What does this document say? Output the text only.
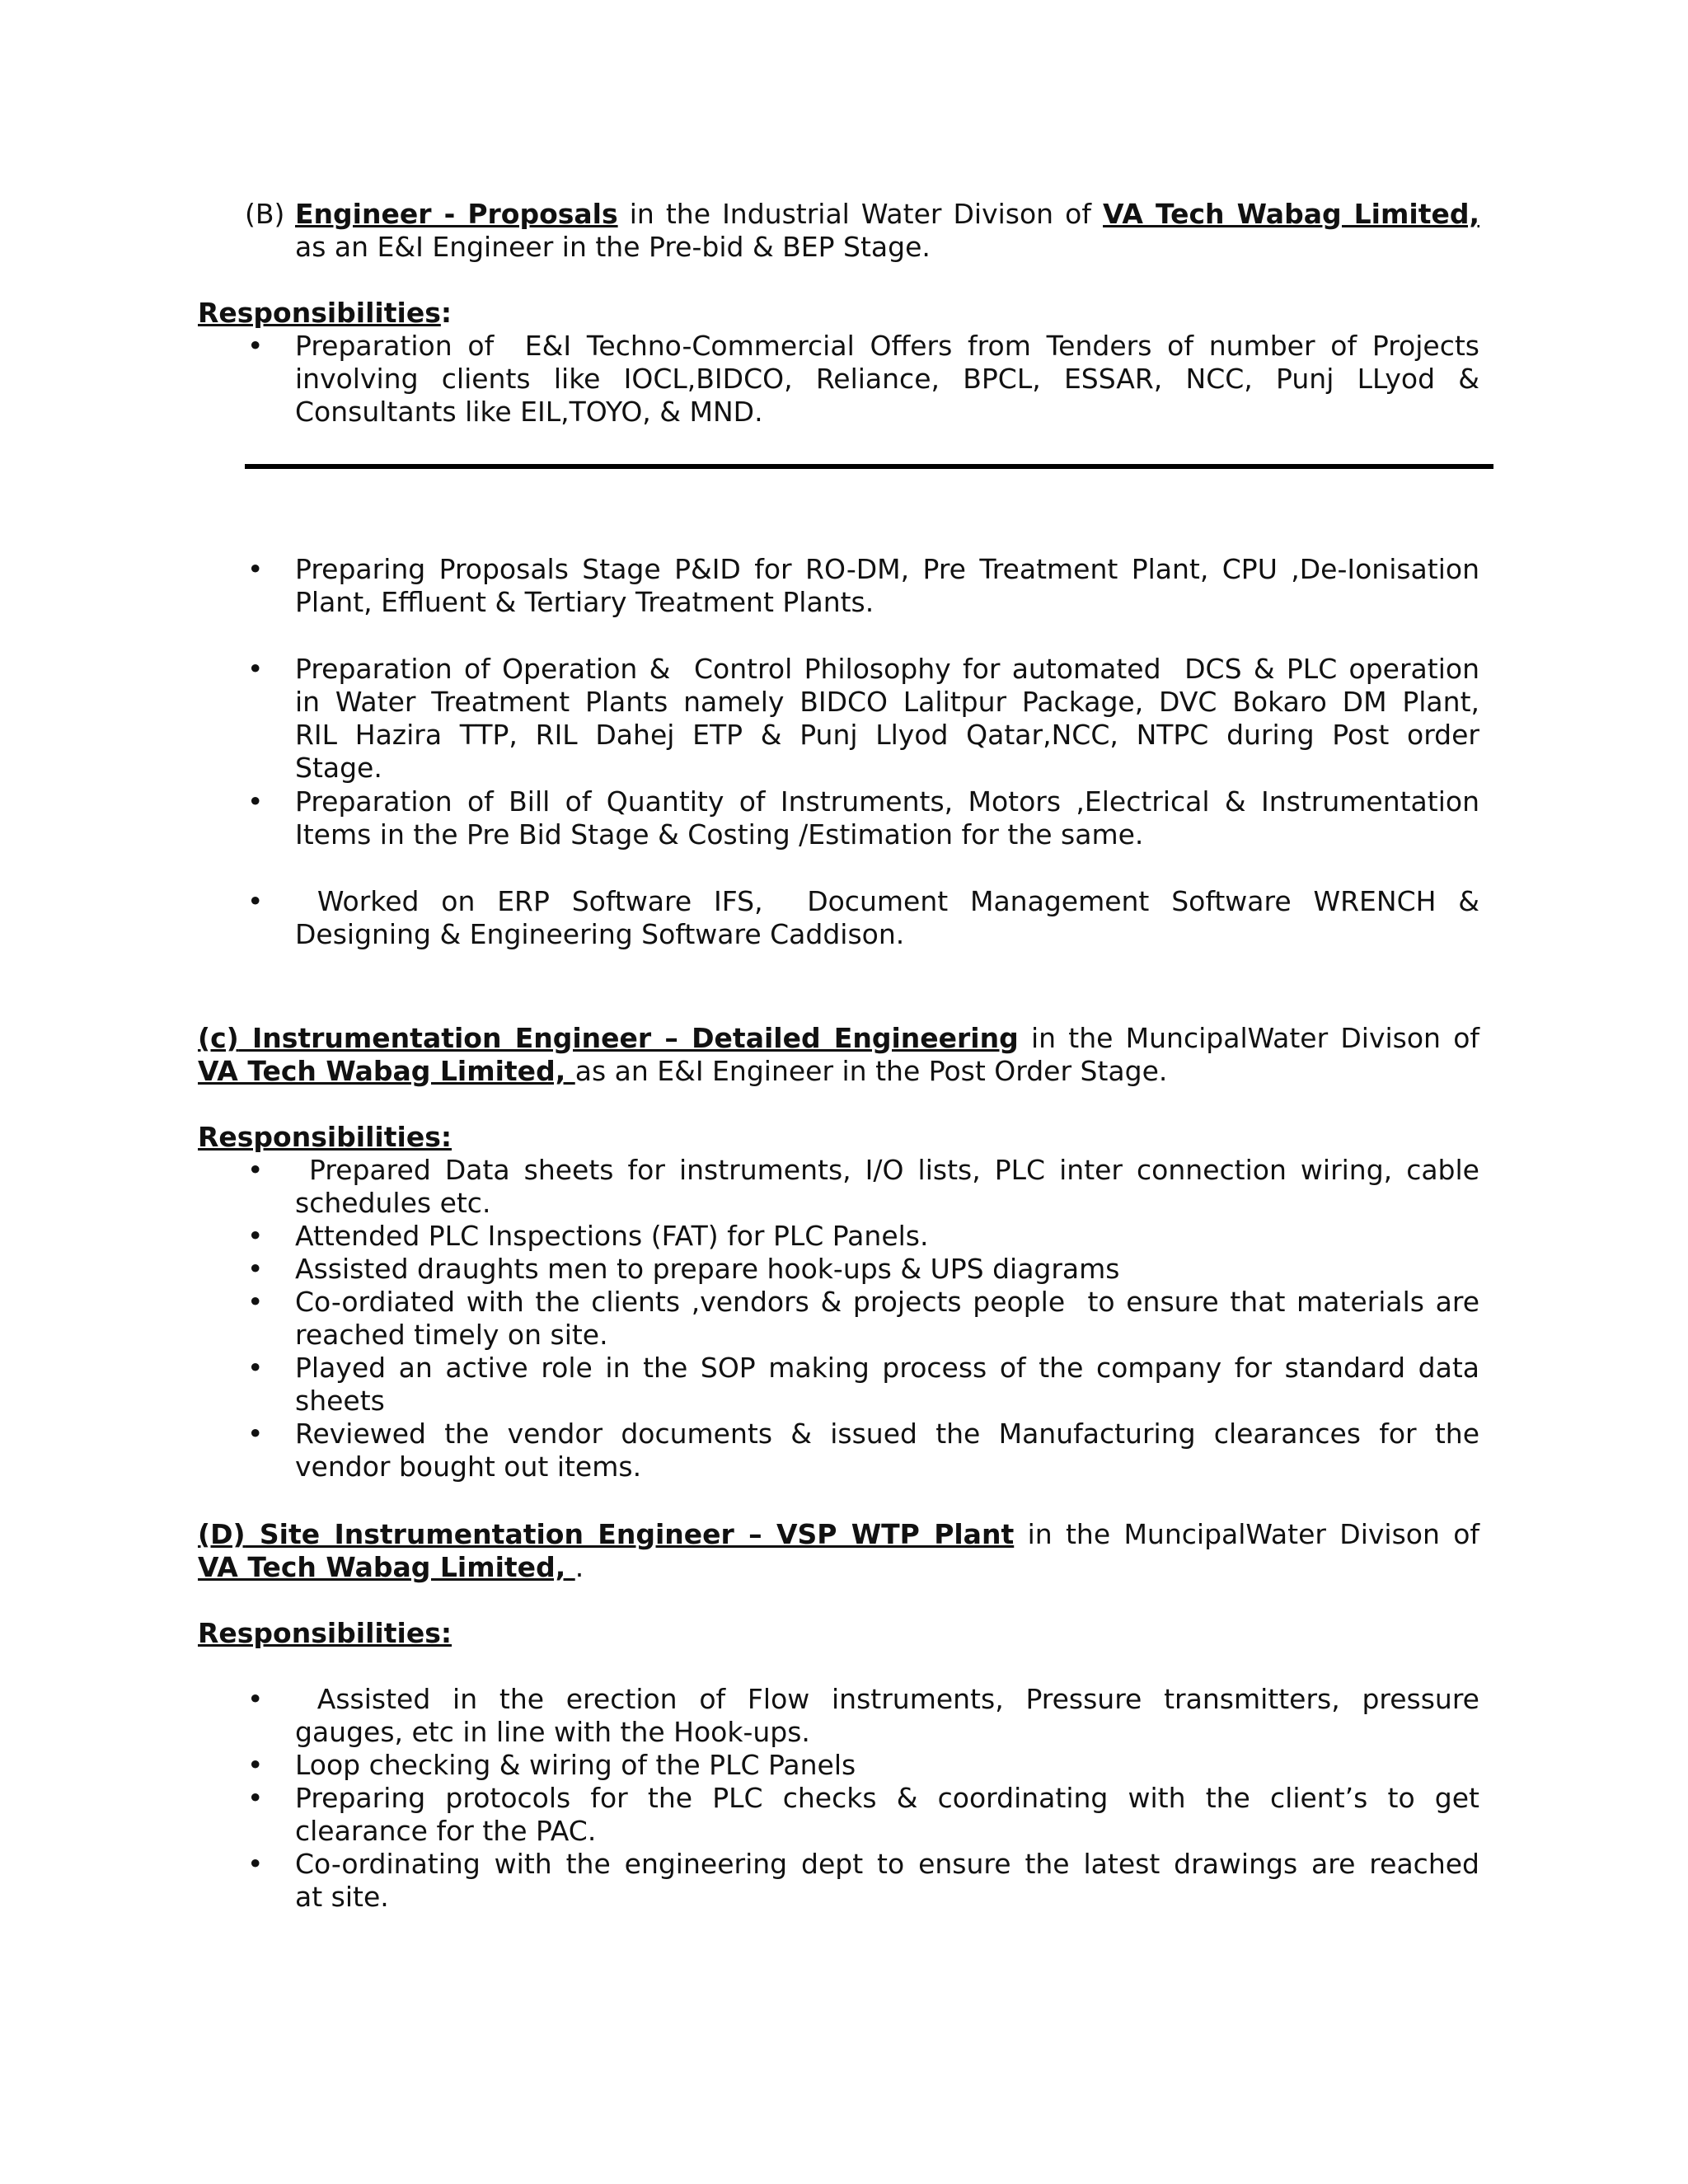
(B) Engineer - Proposals in the Industrial Water Divison of VA Tech Wabag Limited,
as an E&I Engineer in the Pre-bid & BEP Stage.
Responsibilities:
• Preparation of  E&I Techno-Commercial Offers from Tenders of number of Projects
involving clients like IOCL,BIDCO, Reliance, BPCL, ESSAR, NCC, Punj LLyod &
Consultants like EIL,TOYO, & MND.
• Preparing Proposals Stage P&ID for RO-DM, Pre Treatment Plant, CPU ,De-Ionisation
Plant, Effluent & Tertiary Treatment Plants.
• Preparation of Operation &  Control Philosophy for automated  DCS & PLC operation
in Water Treatment Plants namely BIDCO Lalitpur Package, DVC Bokaro DM Plant,
RIL Hazira TTP, RIL Dahej ETP & Punj Llyod Qatar,NCC, NTPC during Post order
Stage.
• Preparation of Bill of Quantity of Instruments, Motors ,Electrical & Instrumentation
Items in the Pre Bid Stage & Costing /Estimation for the same.
• Worked on ERP Software IFS,  Document Management Software WRENCH &
Designing & Engineering Software Caddison.
(c) Instrumentation Engineer – Detailed Engineering in the MuncipalWater Divison of
VA Tech Wabag Limited, as an E&I Engineer in the Post Order Stage.
Responsibilities:
• Prepared Data sheets for instruments, I/O lists, PLC inter connection wiring, cable
schedules etc.
• Attended PLC Inspections (FAT) for PLC Panels.
• Assisted draughts men to prepare hook-ups & UPS diagrams
• Co-ordiated with the clients ,vendors & projects people  to ensure that materials are
reached timely on site.
• Played an active role in the SOP making process of the company for standard data
sheets
• Reviewed the vendor documents & issued the Manufacturing clearances for the
vendor bought out items.
(D) Site Instrumentation Engineer – VSP WTP Plant in the MuncipalWater Divison of
VA Tech Wabag Limited, .
Responsibilities:
• Assisted in the erection of Flow instruments, Pressure transmitters, pressure
gauges, etc in line with the Hook-ups.
• Loop checking & wiring of the PLC Panels
• Preparing protocols for the PLC checks & coordinating with the client’s to get
clearance for the PAC.
• Co-ordinating with the engineering dept to ensure the latest drawings are reached
at site.
